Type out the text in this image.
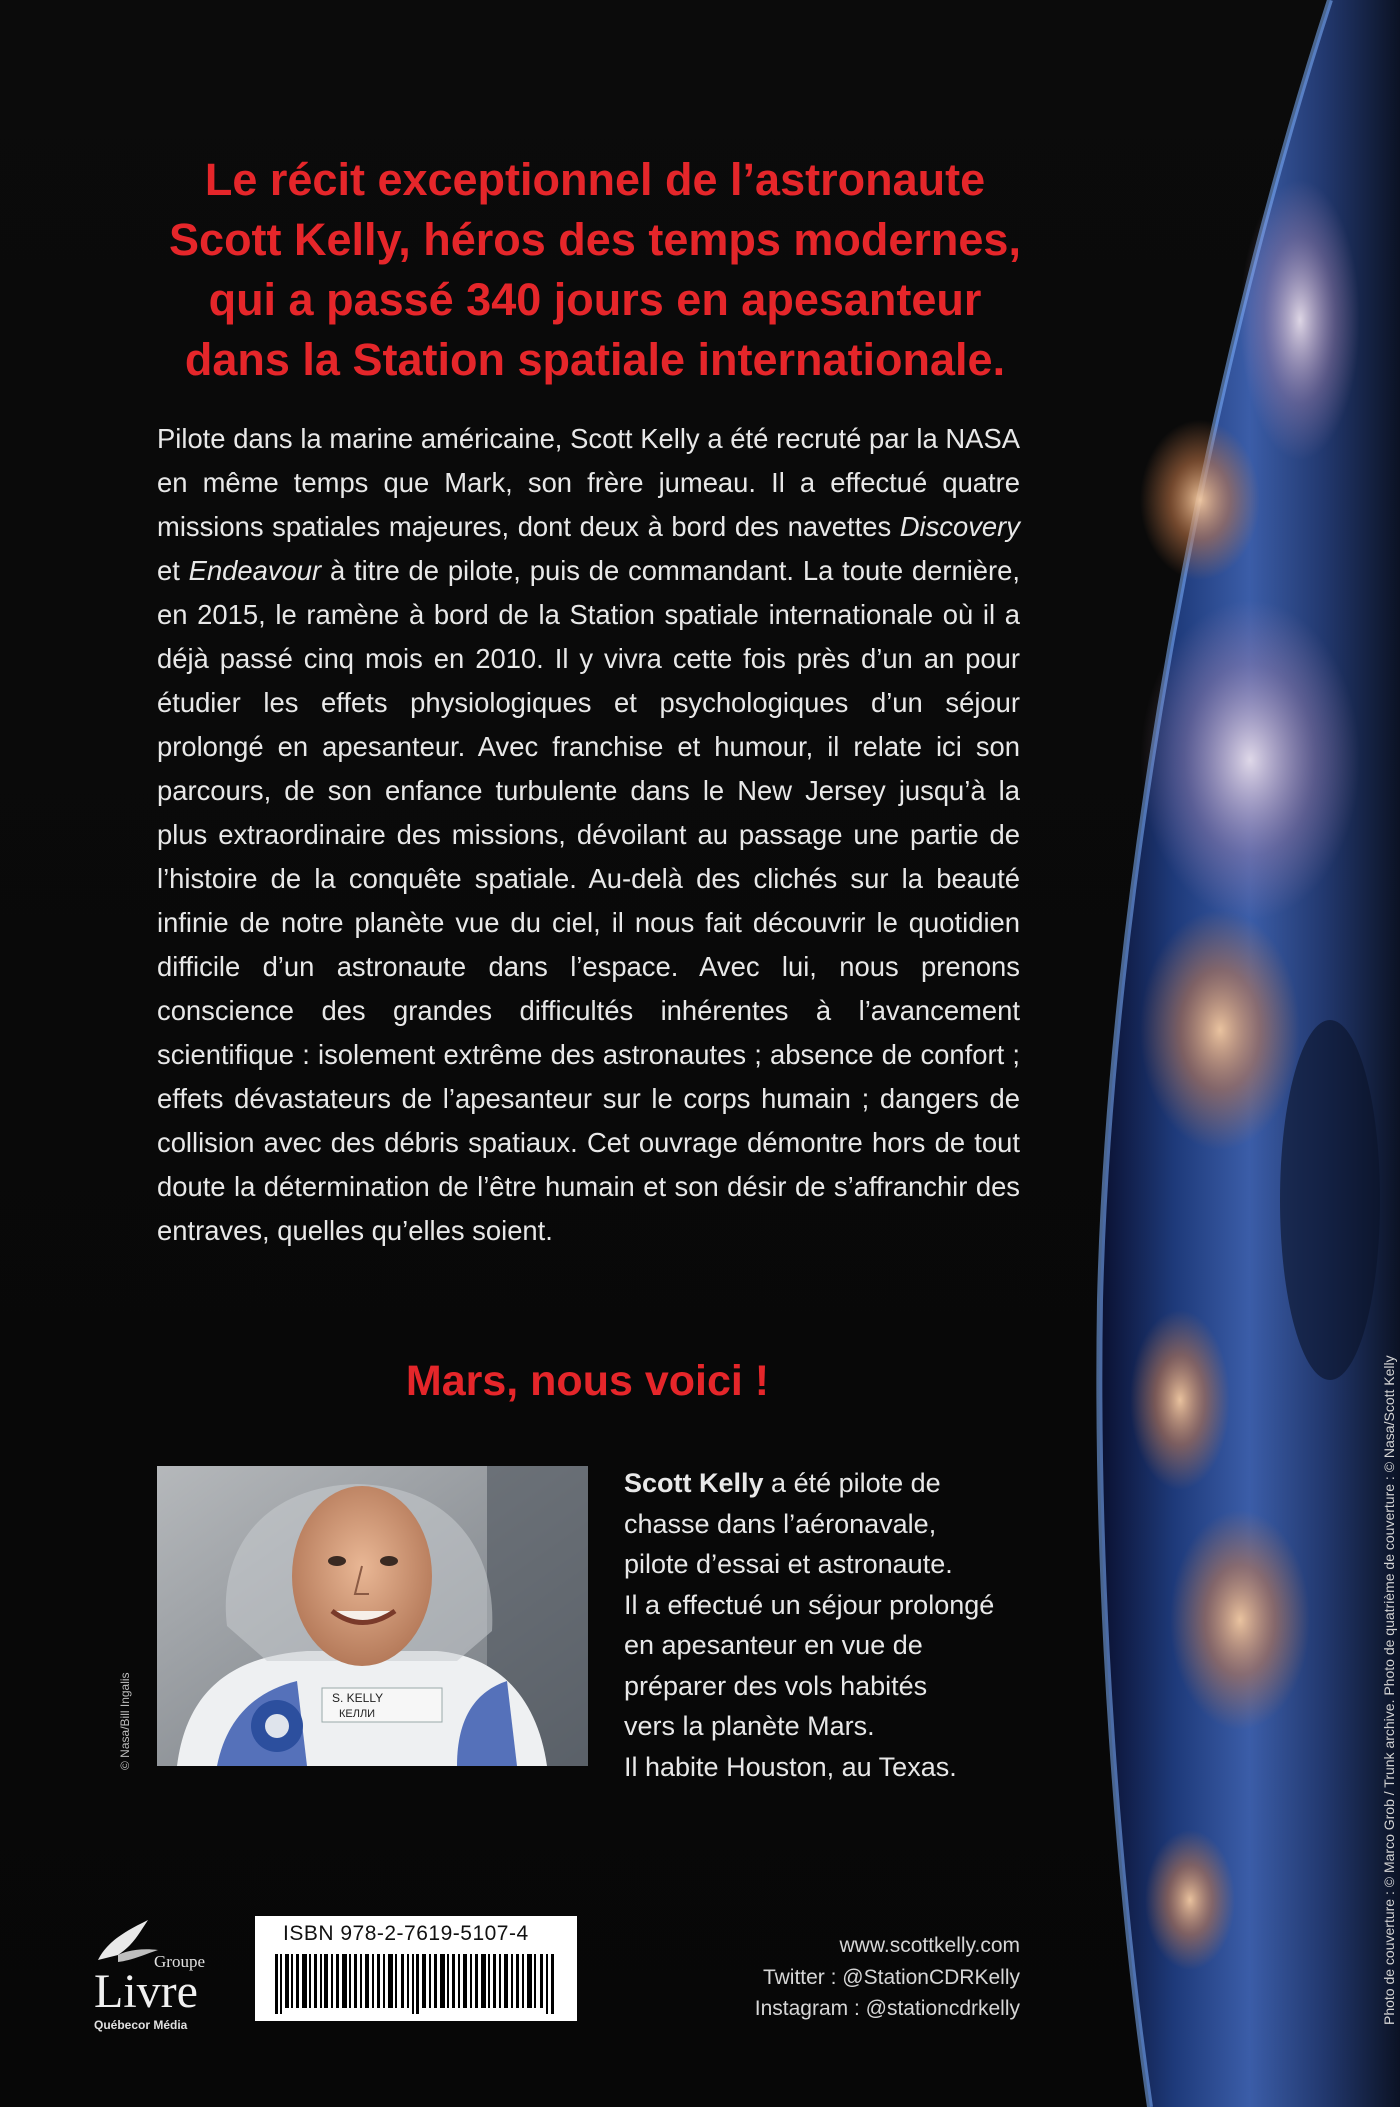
Le récit exceptionnel de l’astronaute
Scott Kelly, héros des temps modernes,
qui a passé 340 jours en apesanteur
dans la Station spatiale internationale.
Pilote dans la marine américaine, Scott Kelly a été recruté par la NASA en même temps que Mark, son frère jumeau. Il a effectué quatre missions spatiales majeures, dont deux à bord des navettes Discovery et Endeavour à titre de pilote, puis de commandant. La toute dernière, en 2015, le ramène à bord de la Station spatiale internationale où il a déjà passé cinq mois en 2010. Il y vivra cette fois près d’un an pour étudier les effets physiologiques et psychologiques d’un séjour prolongé en apesanteur. Avec franchise et humour, il relate ici son parcours, de son enfance turbulente dans le New Jersey jusqu’à la plus extraordinaire des missions, dévoilant au passage une partie de l’histoire de la conquête spatiale. Au-delà des clichés sur la beauté infinie de notre planète vue du ciel, il nous fait découvrir le quotidien difficile d’un astronaute dans l’espace. Avec lui, nous prenons conscience des grandes difficultés inhérentes à l’avancement scientifique : isolement extrême des astronautes ; absence de confort ; effets dévastateurs de l’apesanteur sur le corps humain ; dangers de collision avec des débris spatiaux. Cet ouvrage démontre hors de tout doute la détermination de l’être humain et son désir de s’affranchir des entraves, quelles qu’elles soient.
Mars, nous voici !
S. KELLY
КЕЛЛИ
© Nasa/Bill Ingalis
Scott Kelly a été pilote de
chasse dans l’aéronavale,
pilote d’essai et astronaute.
Il a effectué un séjour prolongé
en apesanteur en vue de
préparer des vols habités
vers la planète Mars.
Il habite Houston, au Texas.	Photo de couverture : © Marco Grob / Trunk archive. Photo de quatrième de couverture : © Nasa/Scott Kelly
Groupe
Livre
Québecor Média
ISBN 978-2-7619-5107-4
www.scottkelly.com
Twitter : @StationCDRKelly
Instagram : @stationcdrkelly
